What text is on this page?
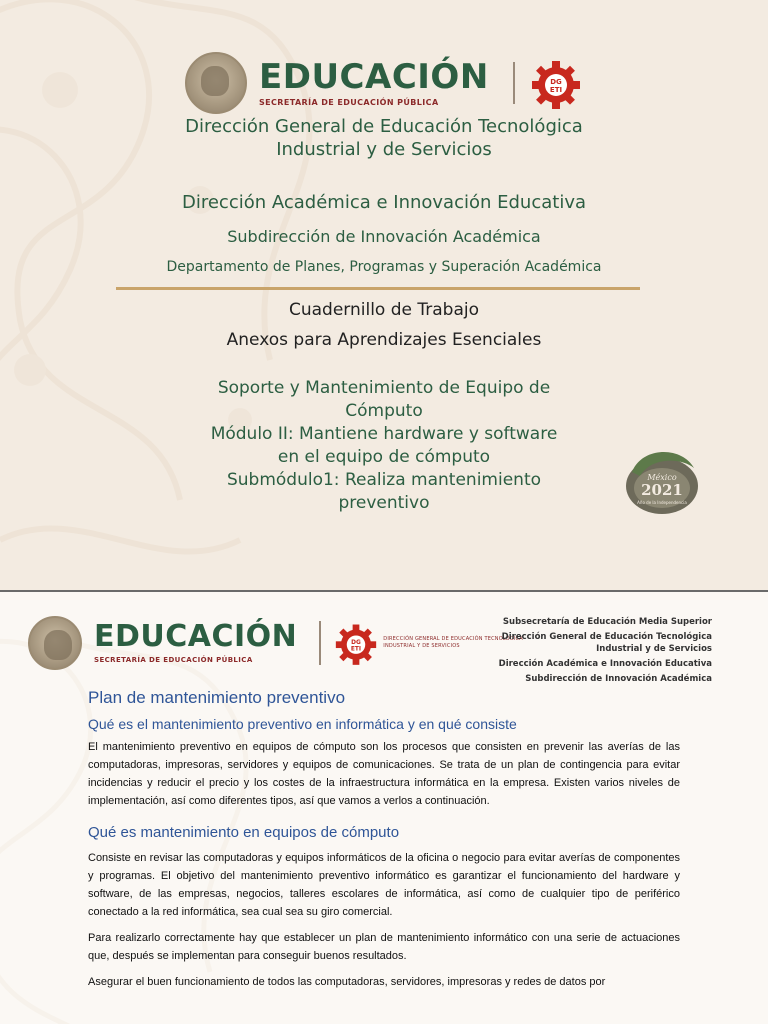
EDUCACIÓN
SECRETARÍA DE EDUCACIÓN PÚBLICA
DG
ETI
Dirección General de Educación Tecnológica
Industrial y de Servicios
Dirección Académica e Innovación Educativa
Subdirección de Innovación Académica
Departamento de Planes, Programas y Superación Académica
Cuadernillo de Trabajo
Anexos para Aprendizajes Esenciales
Soporte y Mantenimiento de Equipo de
Cómputo
Módulo II: Mantiene hardware y software
en el equipo de cómputo
Submódulo1: Realiza mantenimiento
preventivo
México
2021
Año de la Independencia
EDUCACIÓN
SECRETARÍA DE EDUCACIÓN PÚBLICA
DG
ETI
DIRECCIÓN GENERAL DE EDUCACIÓN TECNOLÓGICA INDUSTRIAL Y DE SERVICIOS
Subsecretaría de Educación Media Superior
Dirección General de Educación Tecnológica
Industrial y de Servicios
Dirección Académica e Innovación Educativa
Subdirección de Innovación Académica
Plan de mantenimiento preventivo
Qué es el mantenimiento preventivo en informática y en qué consiste

El mantenimiento preventivo en equipos de cómputo son los procesos que consisten en prevenir las averías de las computadoras, impresoras, servidores y equipos de comunicaciones. Se trata de un plan de contingencia para evitar incidencias y reducir el precio y los costes de la infraestructura informática en la empresa. Existen varios niveles de implementación, así como diferentes tipos, así que vamos a verlos a continuación.

Qué es mantenimiento en equipos de cómputo

Consiste en revisar las computadoras y equipos informáticos de la oficina o negocio para evitar averías de componentes y programas. El objetivo del mantenimiento preventivo informático es garantizar el funcionamiento del hardware y software, de las empresas, negocios, talleres escolares de informática, así como de cualquier tipo de periférico conectado a la red informática, sea cual sea su giro comercial.

Para realizarlo correctamente hay que establecer un plan de mantenimiento informático con una serie de actuaciones que, después se implementan para conseguir buenos resultados.

Asegurar el buen funcionamiento de todos las computadoras, servidores, impresoras y redes de datos por
